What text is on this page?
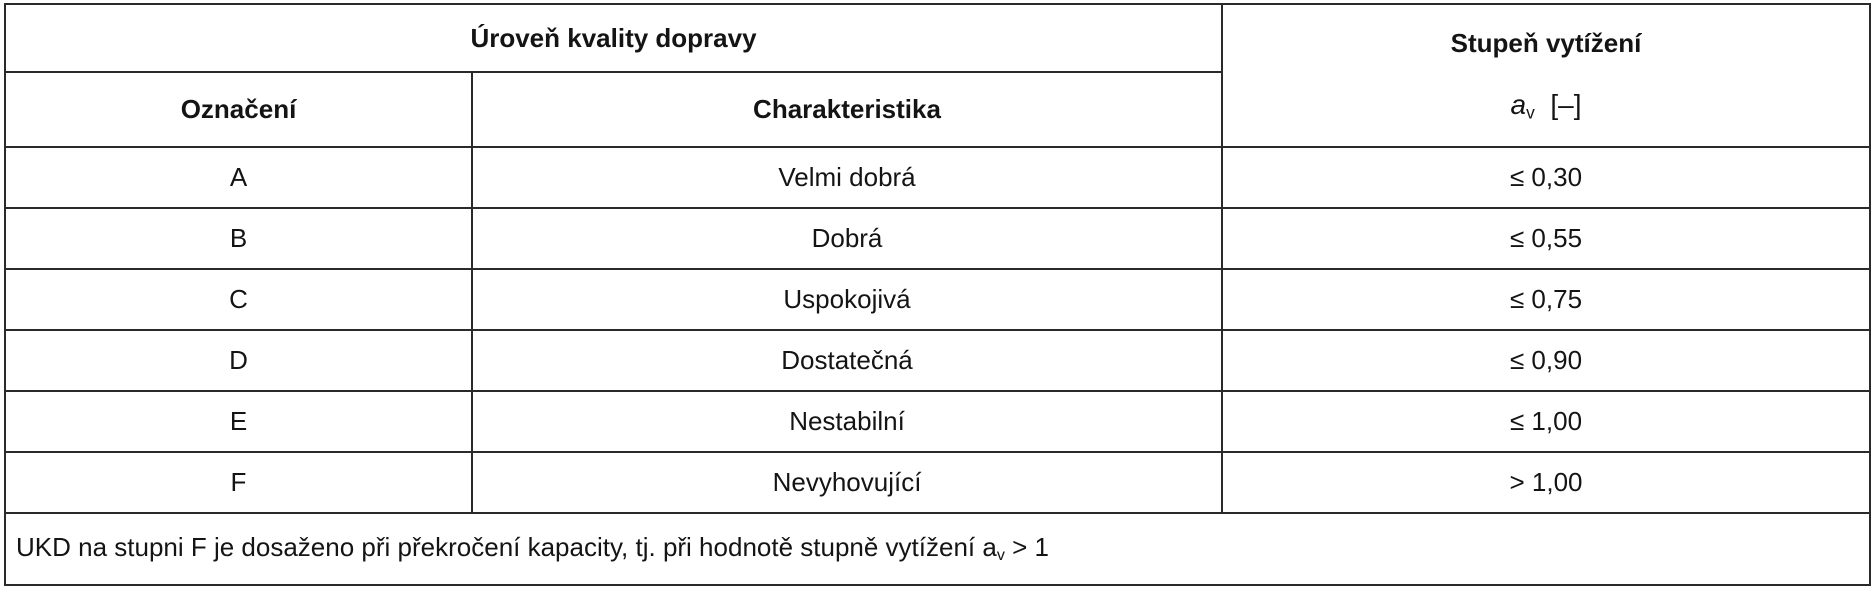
Úroveň kvality dopravy		Stupeň vytížení
$a_v$ [–]

Označení	Charakteristika	
A	Velmi dobrá	≤ 0,30
B	Dobrá	≤ 0,55
C	Uspokojivá	≤ 0,75
D	Dostatečná	≤ 0,90
E	Nestabilní	≤ 1,00
F	Nevyhovující	> 1,00
UKD na stupni F je dosaženo při překročení kapacity, tj. při hodnotě stupně vytížení $a_v > 1$		
